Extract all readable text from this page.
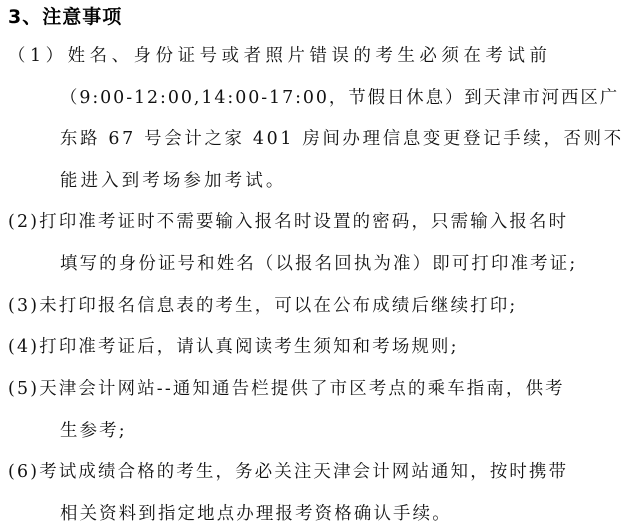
3、注意事项
（1）姓名、身份证号或者照片错误的考生必须在考试前
（9:00-12:00,14:00-17:00，节假日休息）到天津市河西区广
东路 67 号会计之家 401 房间办理信息变更登记手续，否则不
能进入到考场参加考试。
(2)打印准考证时不需要输入报名时设置的密码，只需输入报名时
填写的身份证号和姓名（以报名回执为准）即可打印准考证;
(3)未打印报名信息表的考生，可以在公布成绩后继续打印;
(4)打印准考证后，请认真阅读考生须知和考场规则;
(5)天津会计网站--通知通告栏提供了市区考点的乘车指南，供考
生参考;
(6)考试成绩合格的考生，务必关注天津会计网站通知，按时携带
相关资料到指定地点办理报考资格确认手续。
